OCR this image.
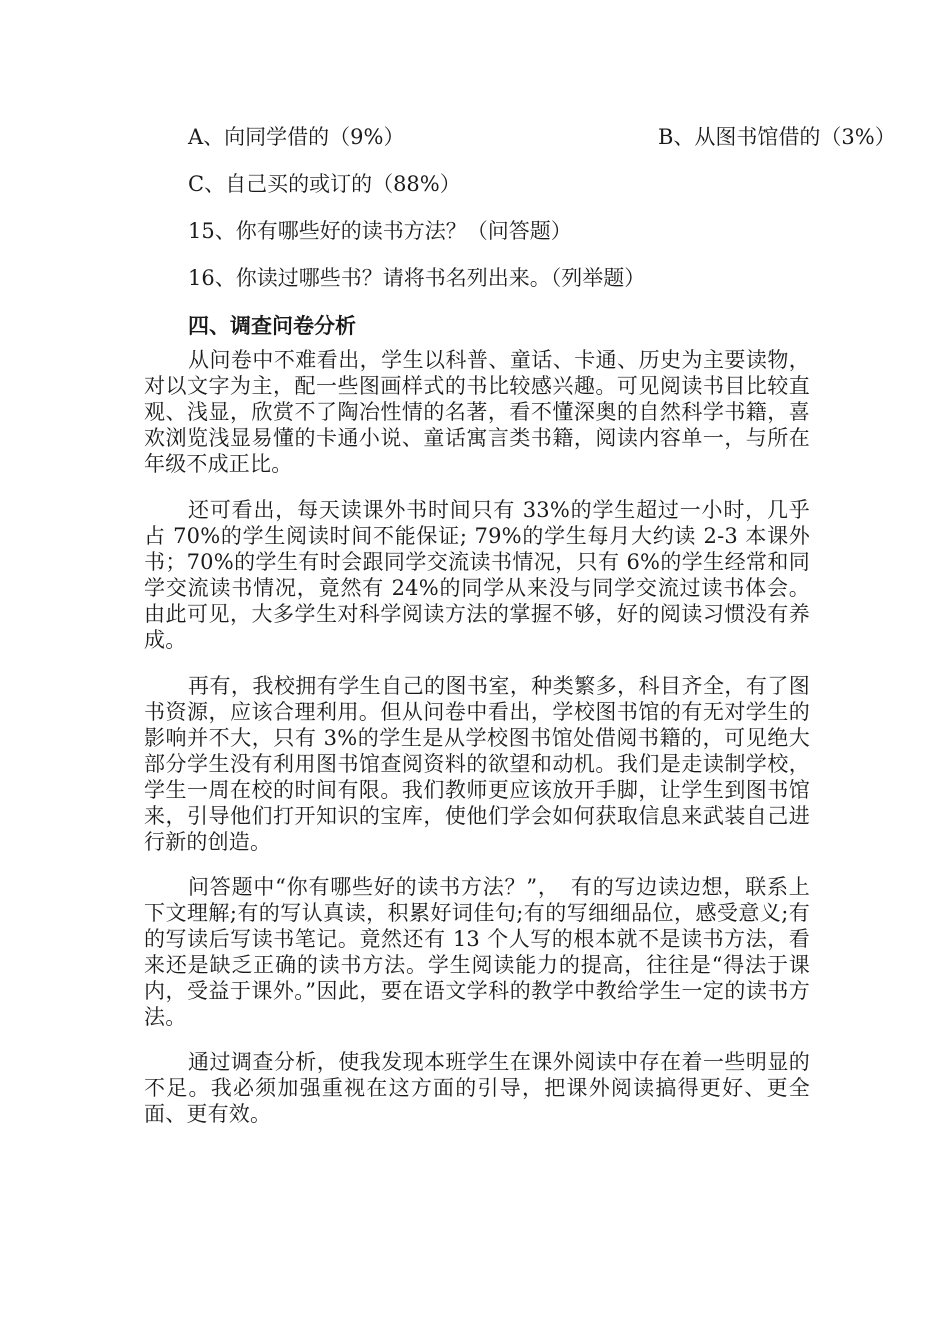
A、向同学借的（9%）	B、从图书馆借的（3%）
C、自己买的或订的（88%）
15、你有哪些好的读书方法？（问答题）
16、你读过哪些书？请将书名列出来。（列举题）
四、调查问卷分析

从问卷中不难看出，学生以科普、童话、卡通、历史为主要读物，对以文字为主，配一些图画样式的书比较感兴趣。可见阅读书目比较直观、浅显，欣赏不了陶冶性情的名著，看不懂深奥的自然科学书籍，喜欢浏览浅显易懂的卡通小说、童话寓言类书籍，阅读内容单一，与所在年级不成正比。

还可看出，每天读课外书时间只有 33%的学生超过一小时，几乎占 70%的学生阅读时间不能保证; 79%的学生每月大约读 2-3 本课外书；70%的学生有时会跟同学交流读书情况，只有 6%的学生经常和同学交流读书情况，竟然有 24%的同学从来没与同学交流过读书体会。由此可见，大多学生对科学阅读方法的掌握不够，好的阅读习惯没有养成。

再有，我校拥有学生自己的图书室，种类繁多，科目齐全，有了图书资源，应该合理利用。但从问卷中看出，学校图书馆的有无对学生的影响并不大，只有 3%的学生是从学校图书馆处借阅书籍的，可见绝大部分学生没有利用图书馆查阅资料的欲望和动机。我们是走读制学校，学生一周在校的时间有限。我们教师更应该放开手脚，让学生到图书馆来，引导他们打开知识的宝库，使他们学会如何获取信息来武装自己进行新的创造。

问答题中“你有哪些好的读书方法？”，　有的写边读边想，联系上下文理解;有的写认真读，积累好词佳句;有的写细细品位，感受意义;有的写读后写读书笔记。竟然还有 13 个人写的根本就不是读书方法，看来还是缺乏正确的读书方法。学生阅读能力的提高，往往是“得法于课内，受益于课外。”因此，要在语文学科的教学中教给学生一定的读书方法。

通过调查分析，使我发现本班学生在课外阅读中存在着一些明显的不足。我必须加强重视在这方面的引导，把课外阅读搞得更好、更全面、更有效。
